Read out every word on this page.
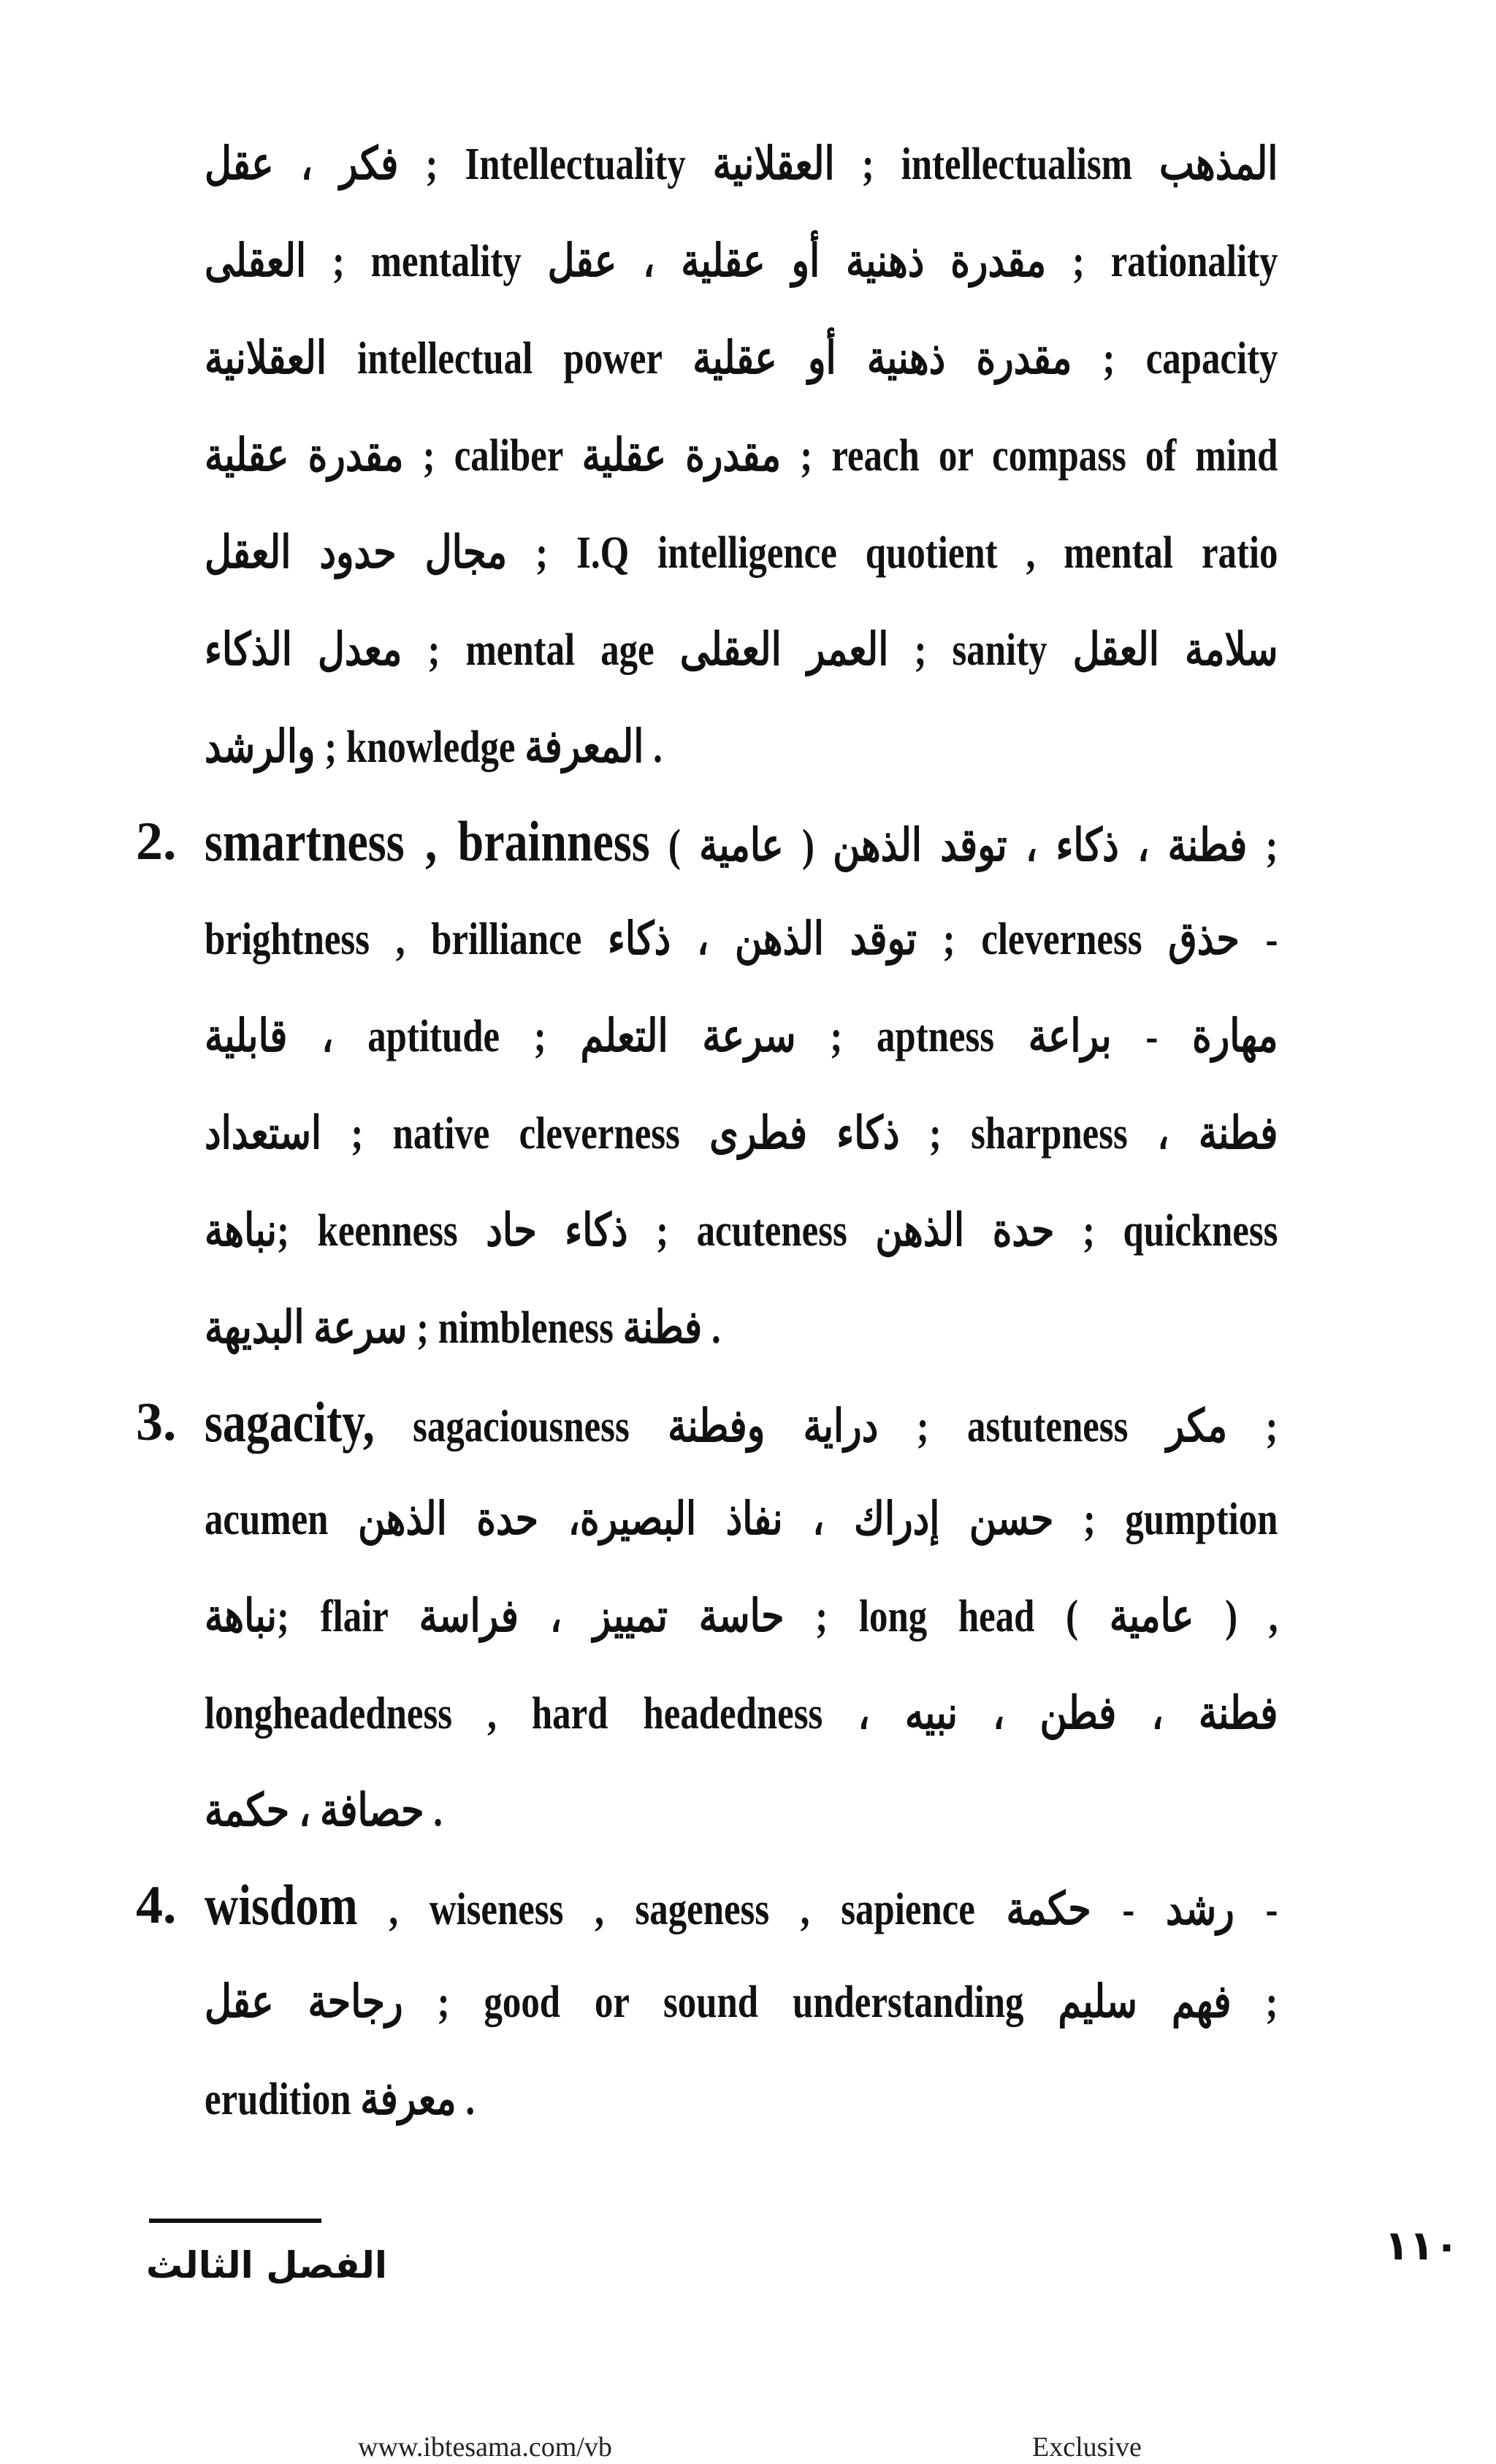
فكر ، عقل ; Intellectuality العقلانية ; intellectualism المذهب

العقلى ; mentality مقدرة ذهنية أو عقلية ، عقل ; rationality

العقلانية intellectual power مقدرة ذهنية أو عقلية ; capacity

مقدرة عقلية ; caliber مقدرة عقلية ; reach or compass of mind

مجال حدود العقل ; I.Q intelligence quotient , mental ratio

معدل الذكاء ; mental age العمر العقلى ; sanity سلامة العقل

والرشد ; knowledge المعرفة .

2. smartness , brainness ( عامية ) فطنة ، ذكاء ، توقد الذهن ;

brightness , brilliance توقد الذهن ، ذكاء ; cleverness حذق -

قابلية ، aptitude ; سرعة التعلم ; aptness مهارة - براعة

استعداد ; native cleverness ذكاء فطرى ; sharpness ، فطنة

نباهة; keenness ذكاء حاد ; acuteness حدة الذهن ; quickness

سرعة البديهة ; nimbleness فطنة .

3. sagacity, sagaciousness دراية وفطنة ; astuteness مكر ;

acumen حسن إدراك ، نفاذ البصيرة، حدة الذهن ; gumption

نباهة; flair حاسة تمييز ، فراسة ; long head ( عامية ) ,

longheadedness , hard headedness ، فطنة ، فطن ، نبيه

حصافة ، حكمة .

4. wisdom , wiseness , sageness , sapience رشد - حكمة -

رجاحة عقل ; good or sound understanding فهم سليم ;

erudition معرفة .

الفصل الثالث	١١٠
www.ibtesama.com/vb	Exclusive
